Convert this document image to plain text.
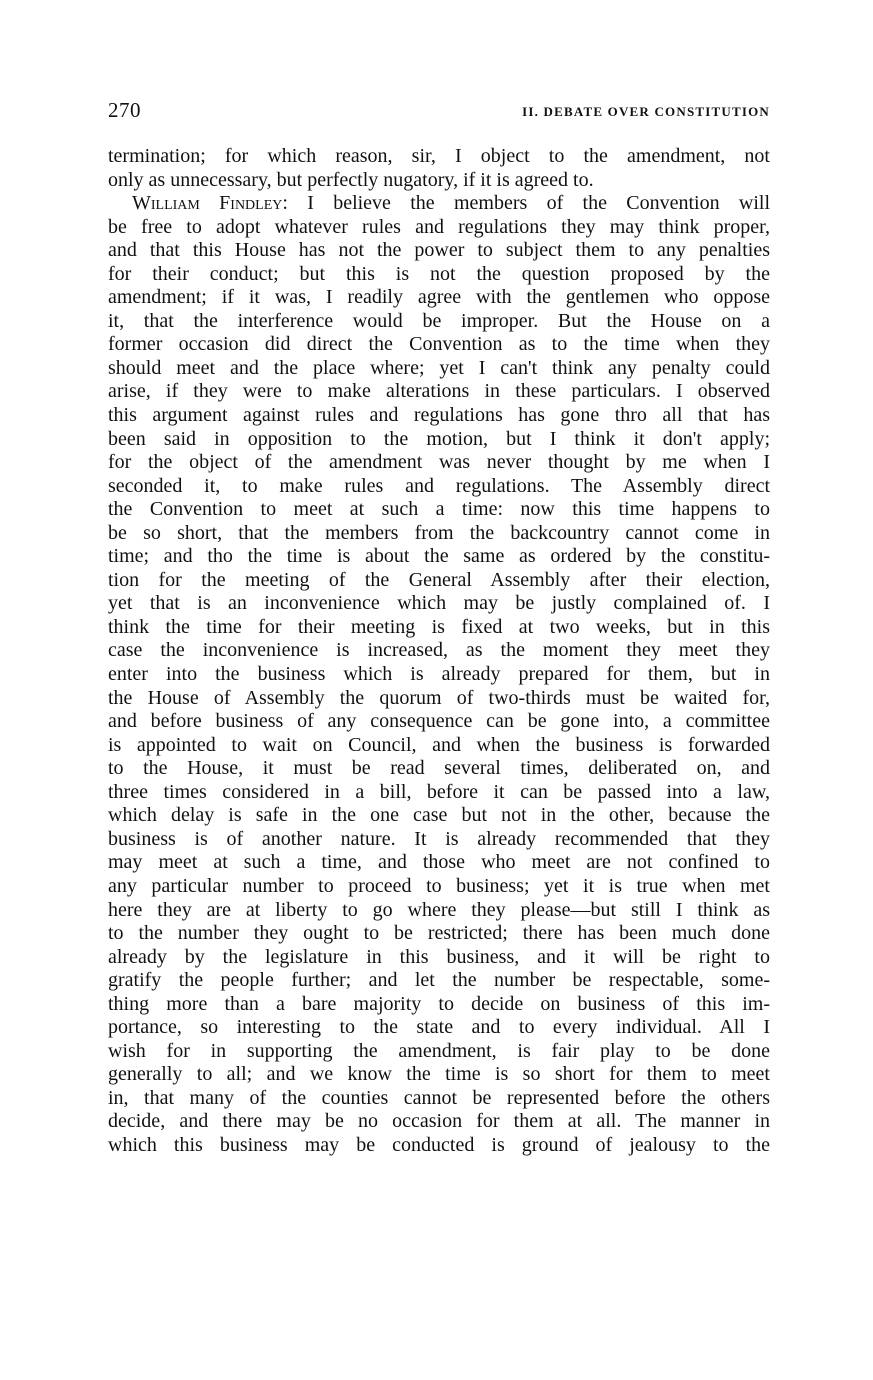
270	II. DEBATE OVER CONSTITUTION

termination; for which reason, sir, I object to the amendment, not

only as unnecessary, but perfectly nugatory, if it is agreed to.

William Findley: I believe the members of the Convention will

be free to adopt whatever rules and regulations they may think proper,

and that this House has not the power to subject them to any penalties

for their conduct; but this is not the question proposed by the

amendment; if it was, I readily agree with the gentlemen who oppose

it, that the interference would be improper. But the House on a

former occasion did direct the Convention as to the time when they

should meet and the place where; yet I can't think any penalty could

arise, if they were to make alterations in these particulars. I observed

this argument against rules and regulations has gone thro all that has

been said in opposition to the motion, but I think it don't apply;

for the object of the amendment was never thought by me when I

seconded it, to make rules and regulations. The Assembly direct

the Convention to meet at such a time: now this time happens to

be so short, that the members from the backcountry cannot come in

time; and tho the time is about the same as ordered by the constitu-

tion for the meeting of the General Assembly after their election,

yet that is an inconvenience which may be justly complained of. I

think the time for their meeting is fixed at two weeks, but in this

case the inconvenience is increased, as the moment they meet they

enter into the business which is already prepared for them, but in

the House of Assembly the quorum of two-thirds must be waited for,

and before business of any consequence can be gone into, a committee

is appointed to wait on Council, and when the business is forwarded

to the House, it must be read several times, deliberated on, and

three times considered in a bill, before it can be passed into a law,

which delay is safe in the one case but not in the other, because the

business is of another nature. It is already recommended that they

may meet at such a time, and those who meet are not confined to

any particular number to proceed to business; yet it is true when met

here they are at liberty to go where they please—but still I think as

to the number they ought to be restricted; there has been much done

already by the legislature in this business, and it will be right to

gratify the people further; and let the number be respectable, some-

thing more than a bare majority to decide on business of this im-

portance, so interesting to the state and to every individual. All I

wish for in supporting the amendment, is fair play to be done

generally to all; and we know the time is so short for them to meet

in, that many of the counties cannot be represented before the others

decide, and there may be no occasion for them at all. The manner in

which this business may be conducted is ground of jealousy to the
